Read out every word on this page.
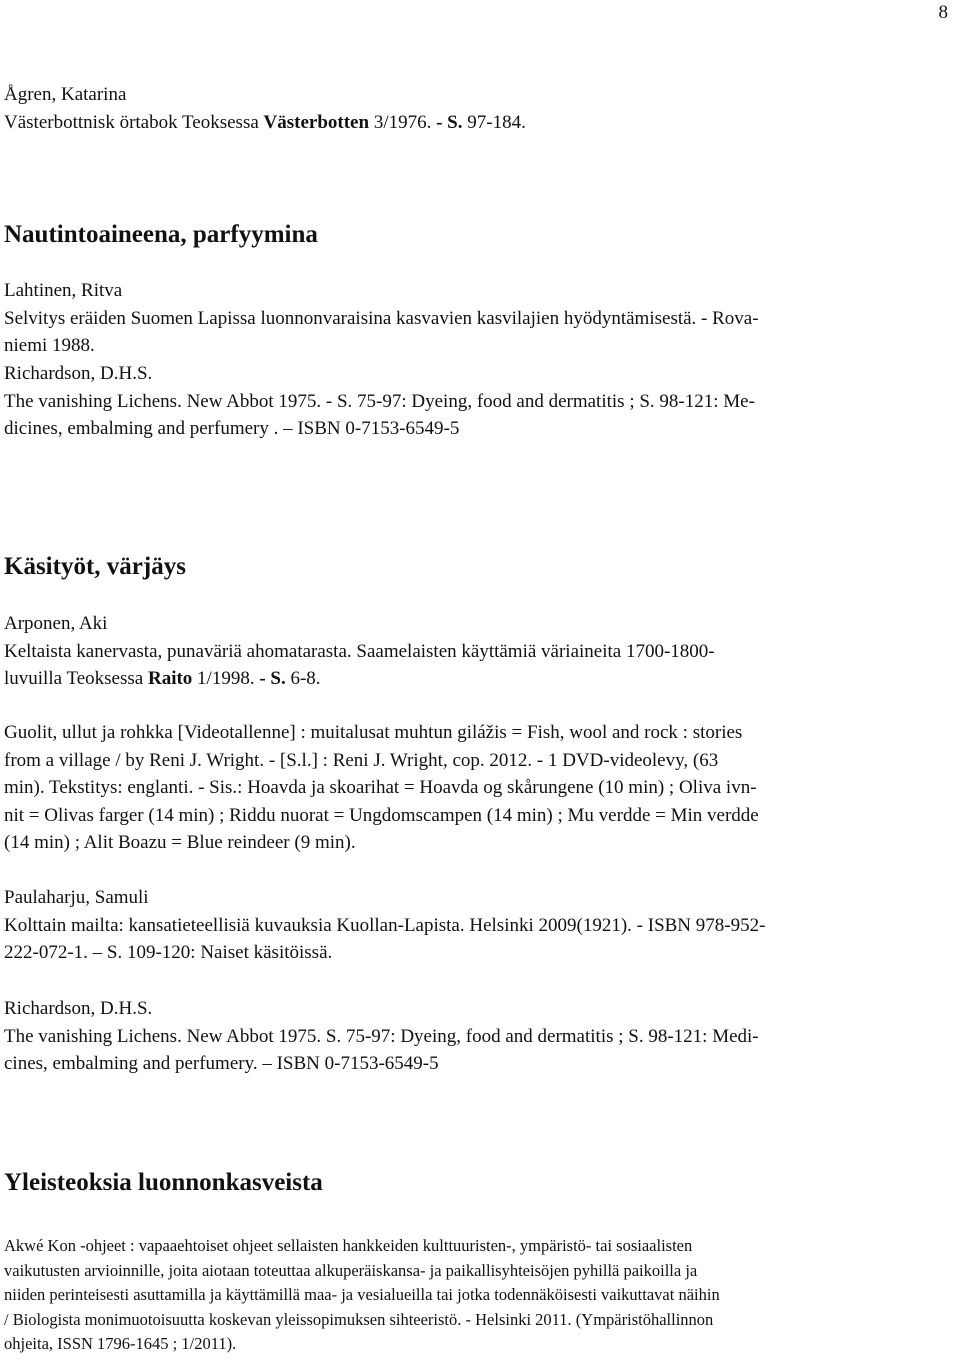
8
Ågren, Katarina
Västerbottnisk örtabok Teoksessa Västerbotten 3/1976. - S. 97-184.
Nautintoaineena, parfyymina
Lahtinen, Ritva
Selvitys eräiden Suomen Lapissa luonnonvaraisina kasvavien kasvilajien hyödyntämisestä. - Rova-
niemi 1988.
Richardson, D.H.S.
The vanishing Lichens. New Abbot 1975. - S. 75-97: Dyeing, food and dermatitis ; S. 98-121: Me-
dicines, embalming and perfumery . – ISBN 0-7153-6549-5
Käsityöt, värjäys
Arponen, Aki
Keltaista kanervasta, punaväriä ahomatarasta. Saamelaisten käyttämiä väriaineita 1700-1800-
luvuilla Teoksessa Raito 1/1998. - S. 6-8.
Guolit, ullut ja rohkka [Videotallenne] : muitalusat muhtun gilážis = Fish, wool and rock : stories
from a village / by Reni J. Wright. - [S.l.] : Reni J. Wright, cop. 2012. - 1 DVD-videolevy, (63
min). Tekstitys: englanti. - Sis.: Hoavda ja skoarihat = Hoavda og skårungene (10 min) ; Oliva ivn-
nit = Olivas farger (14 min) ; Riddu nuorat = Ungdomscampen (14 min) ; Mu verdde = Min verdde
(14 min) ; Alit Boazu = Blue reindeer (9 min).
Paulaharju, Samuli
Kolttain mailta: kansatieteellisiä kuvauksia Kuollan-Lapista. Helsinki 2009(1921). - ISBN 978-952-
222-072-1. – S. 109-120: Naiset käsitöissä.
Richardson, D.H.S.
The vanishing Lichens. New Abbot 1975. S. 75-97: Dyeing, food and dermatitis ; S. 98-121: Medi-
cines, embalming and perfumery. – ISBN 0-7153-6549-5
Yleisteoksia luonnonkasveista
Akwé Kon -ohjeet : vapaaehtoiset ohjeet sellaisten hankkeiden kulttuuristen-, ympäristö- tai sosiaalisten
vaikutusten arvioinnille, joita aiotaan toteuttaa alkuperäiskansa- ja paikallisyhteisöjen pyhillä paikoilla ja
niiden perinteisesti asuttamilla ja käyttämillä maa- ja vesialueilla tai jotka todennäköisesti vaikuttavat näihin
/ Biologista monimuotoisuutta koskevan yleissopimuksen sihteeristö. - Helsinki 2011. (Ympäristöhallinnon
ohjeita, ISSN 1796-1645 ; 1/2011).
